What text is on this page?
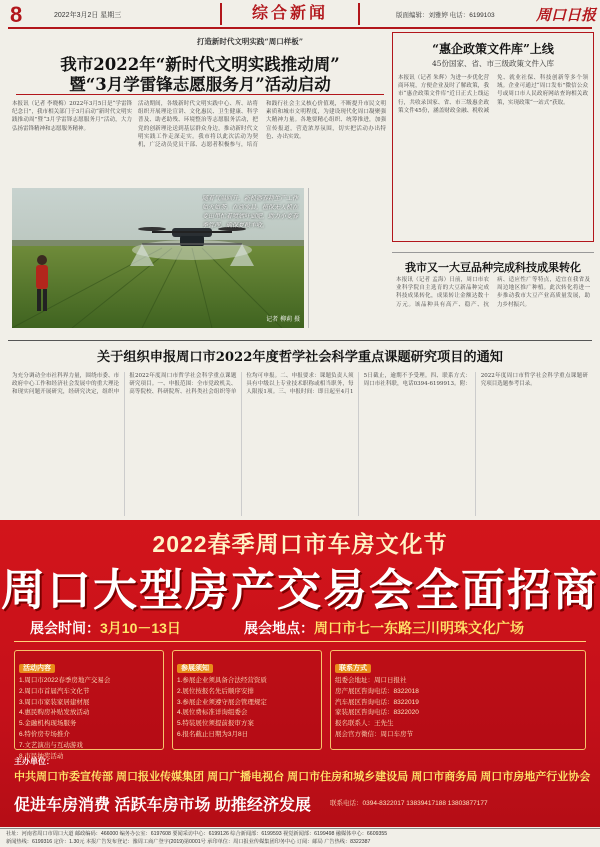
8	2022年3月2日 星期三	综合新闻	版面编辑：刘雅婷 电话：6199103	周口日报
打造新时代文明实践“周口样板”
我市2022年“新时代文明实践推动周”
暨“3月学雷锋志愿服务月”活动启动
本报讯（记者 李晓梅）2022年3月5日是“学雷锋纪念日”，我市相关部门于3月启动“新时代文明实践推动周”暨“3月学雷锋志愿服务月”活动，大力弘扬雷锋精神和志愿服务精神。
活动期间，各级新时代文明实践中心、所、站将组织开展理论宣讲、文化惠民、卫生健康、科学普及、助老助残、环境整治等志愿服务活动，把党的创新理论送到基层群众身边，推动新时代文明实践工作走深走实。我市将以此次活动为契机，广泛动员党员干部、志愿者积极参与，培育和践行社会主义核心价值观，不断提升市民文明素质和城市文明程度，为建设现代化周口凝聚强大精神力量。各地要精心组织、统筹推进，加强宣传报道，营造浓厚氛围，切实把活动办出特色、办出实效。
随着气温回升，新机器春耕生产工作如火如荼。在商水县，植保无人机在麦田里忙着喷洒叶面肥，助力小麦春季管理，确保夏粮丰收。
记者 柳莉 摄
“惠企政策文件库”上线
45份国家、省、市三级政策文件入库
本报讯（记者 朱辉）为进一步优化营商环境，方便企业及时了解政策，我市“惠企政策文件库”近日正式上线运行，共收录国家、省、市三级惠企政策文件45份，涵盖财政金融、税收减免、就业社保、科技创新等多个领域。企业可通过“周口发布”微信公众号或周口市人民政府网站查询相关政策，实现政策“一站式”获取。
我市又一大豆品种完成科技成果转化
本报讯（记者 孟海）日前，周口市农业科学院自主选育的大豆新品种完成科技成果转化，成果转让金额达数十万元。该品种具有高产、稳产、抗病、适应性广等特点，适宜在我省及周边地区推广种植。此次转化将进一步推动我市大豆产业高质量发展，助力乡村振兴。
关于组织申报周口市2022年度哲学社会科学重点课题研究项目的通知
为充分调动全市社科界力量，围绕市委、市政府中心工作和经济社会发展中的重大理论和现实问题开展研究，经研究决定，组织申报2022年度周口市哲学社会科学重点课题研究项目。一、申报范围：全市党政机关、高等院校、科研院所、社科类社会组织等单位均可申报。二、申报要求：课题负责人须具有中级以上专业技术职称或相当职务，每人限报1项。三、申报时间：即日起至4月15日截止，逾期不予受理。四、联系方式：周口市社科联，电话0394-6199913。附：2022年度周口市哲学社会科学重点课题研究项目选题参考目录。
2022春季周口市车房文化节
周口大型房产交易会全面招商
展会时间：3月10－13日	展会地点：周口市七一东路三川明珠文化广场
活动内容
1.周口市2022春季房地产交易会
2.周口市首届汽车文化节
3.周口市家装家居建材展
4.惠民购房补贴发放活动
5.金融机构现场服务
6.特价房专场推介
7.文艺演出与互动游戏
8.市民抽奖活动
参展须知
1.参展企业须具备合法经营资质
2.展位按报名先后顺序安排
3.参展企业须遵守展会管理规定
4.展位费标准详询组委会
5.特装展位须提前报审方案
6.报名截止日期为3月8日
联系方式
组委会地址：周口日报社
房产展区咨询电话：8322018
汽车展区咨询电话：8322019
家装展区咨询电话：8322020
报名联系人：王先生
展会官方微信：周口车房节
主办单位：
中共周口市委宣传部 周口报业传媒集团 周口广播电视台 周口市住房和城乡建设局 周口市商务局 周口市房地产行业协会
促进车房消费 活跃车房市场 助推经济发展	联系电话：0394-8322017 13839417188 13803877177
社址：河南省周口市周口大道 邮政编码：466000 编务办公室：6197608 要闻采访中心：6199126 综合新闻部：6199593 视觉新闻部：6199498 融媒体中心：6609355
新闻热线：6199316 定价：1.30元 本报广告发布登记：豫周工商广登字(2019)第0001号 承印单位：周口报业传媒集团印务中心 订阅：邮局 广告热线：8322387
